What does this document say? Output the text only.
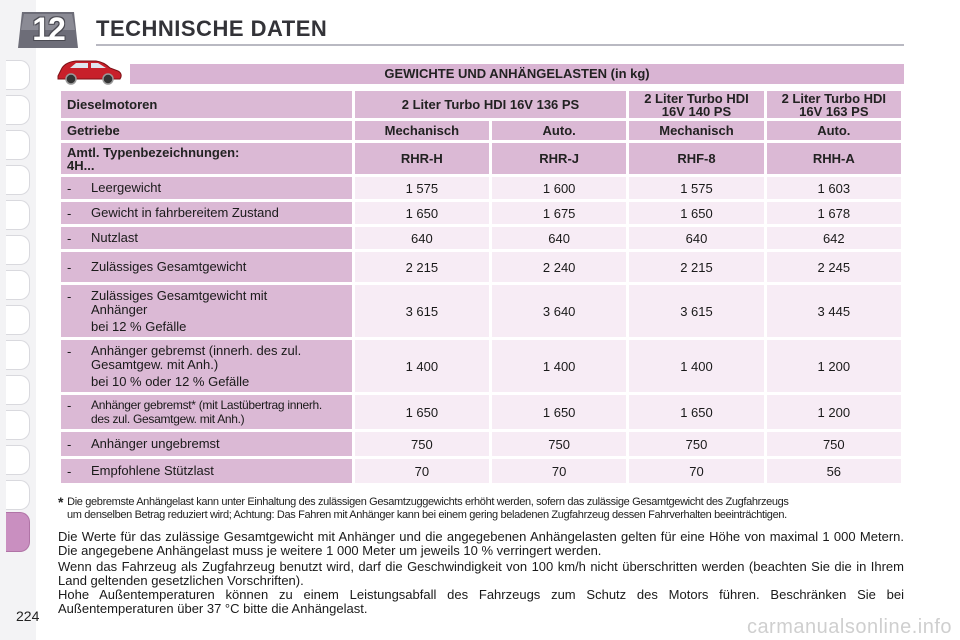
12	TECHNISCHE DATEN
GEWICHTE UND ANHÄNGELASTEN (in kg)
Dieselmotoren	2 Liter Turbo HDI 16V 136 PS		2 Liter Turbo HDI
16V 140 PS	2 Liter Turbo HDI
16V 163 PS
Getriebe	Mechanisch	Auto.	Mechanisch	Auto.
Amtl. Typenbezeichnungen:
4H...	RHR-H	RHR-J	RHF-8	RHH-A

- Leergewicht	1 575	1 600	1 575	1 603

- Gewicht in fahrbereitem Zustand	1 650	1 675	1 650	1 678

- Nutzlast	640	640	640	642

- Zulässiges Gesamtgewicht	2 215	2 240	2 215	2 245

- Zulässiges Gesamtgewicht mit Anhänger
bei 12 % Gefälle	3 615	3 640	3 615	3 445

- Anhänger gebremst (innerh. des zul. Gesamtgew. mit Anh.)
bei 10 % oder 12 % Gefälle	1 400	1 400	1 400	1 200

- Anhänger gebremst* (mit Lastübertrag innerh. des zul. Gesamtgew. mit Anh.)	1 650	1 650	1 650	1 200

- Anhänger ungebremst	750	750	750	750

- Empfohlene Stützlast	70	70	70	56
* Die gebremste Anhängelast kann unter Einhaltung des zulässigen Gesamtzuggewichts erhöht werden, sofern das zulässige Gesamtgewicht des Zugfahrzeugs
um denselben Betrag reduziert wird; Achtung: Das Fahren mit Anhänger kann bei einem gering beladenen Zugfahrzeug dessen Fahrverhalten beeinträchtigen.

Die Werte für das zulässige Gesamtgewicht mit Anhänger und die angegebenen Anhängelasten gelten für eine Höhe von maximal 1 000 Metern. Die angegebene Anhängelast muss je weitere 1 000 Meter um jeweils 10 % verringert werden.

Wenn das Fahrzeug als Zugfahrzeug benutzt wird, darf die Geschwindigkeit von 100 km/h nicht überschritten werden (beachten Sie die in Ihrem Land geltenden gesetzlichen Vorschriften).

Hohe Außentemperaturen können zu einem Leistungsabfall des Fahrzeugs zum Schutz des Motors führen. Beschränken Sie bei Außentemperaturen über 37 °C bitte die Anhängelast.

224	carmanualsonline.info
